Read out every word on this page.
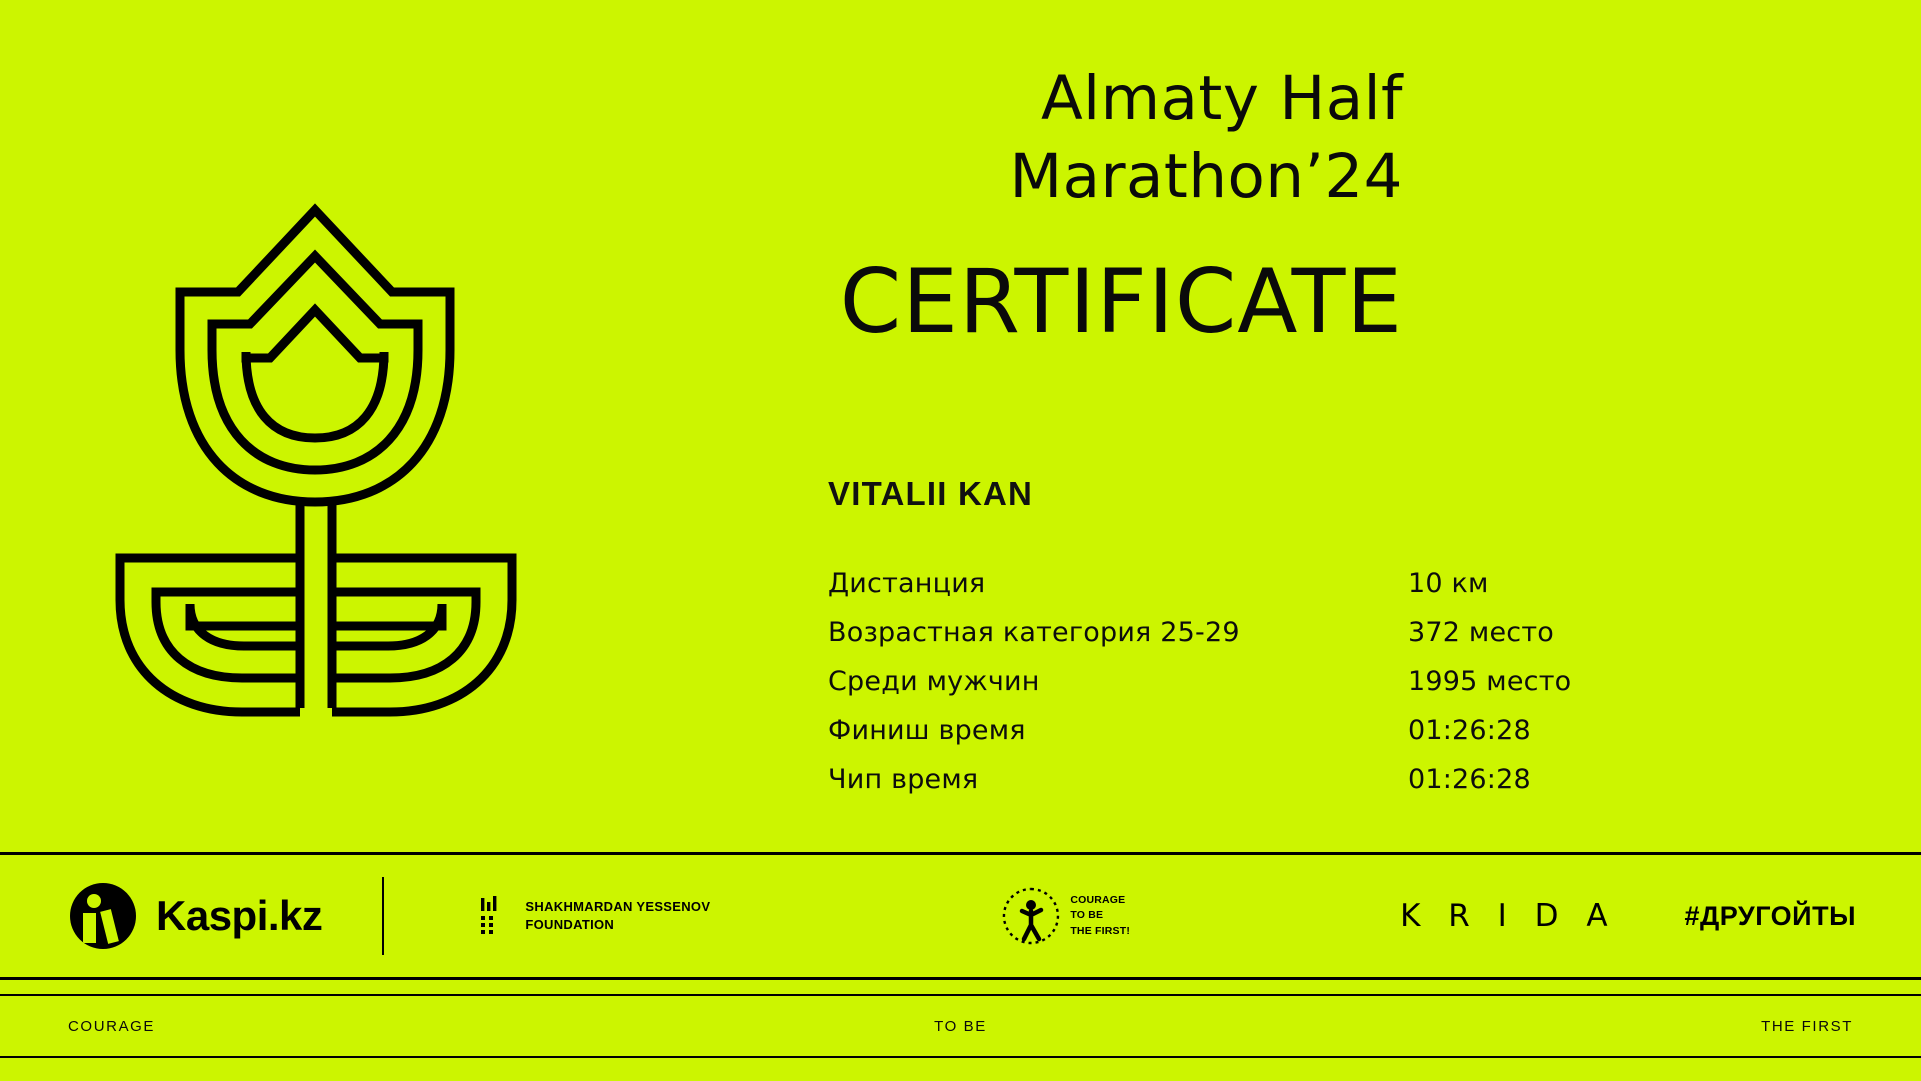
Almaty Half
Marathon’24
CERTIFICATE
VITALII KAN
Дистанция	10 км
Возрастная категория 25-29	372 место
Среди мужчин	1995 место
Финиш время	01:26:28
Чип время	01:26:28
Kaspi.kz	SHAKHMARDAN YESSENOV
FOUNDATION
COURAGE
TO BE
THE FIRST!	K R I D A	#ДРУГОЙТЫ
COURAGE	TO BE	THE FIRST
